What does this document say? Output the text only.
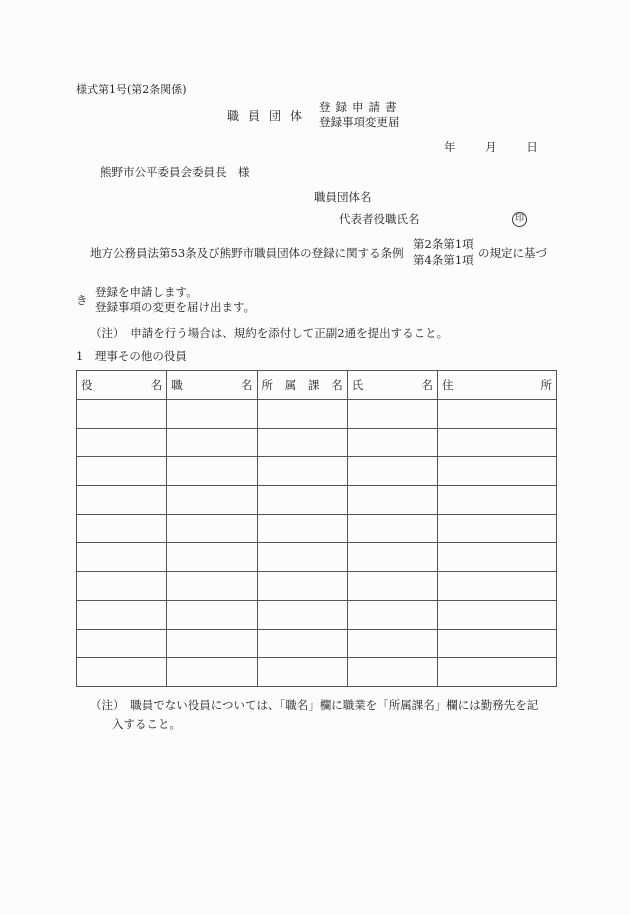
様式第1号(第2条関係)
職員団体
登録申請書
登録事項変更届
年	月	日
熊野市公平委員会委員長　様
職員団体名
代表者役職氏名	印
地方公務員法第53条及び熊野市職員団体の登録に関する条例
第2条第1項
第4条第1項 の規定に基づ
き
登録を申請します。
登録事項の変更を届け出ます。
（注）　申請を行う場合は、規約を添付して正副2通を提出すること。
1　理事その他の役員
役名	職名	所属課名	氏名	住所

（注）　職員でない役員については、「職名」欄に職業を「所属課名」欄には勤務先を記
入すること。
